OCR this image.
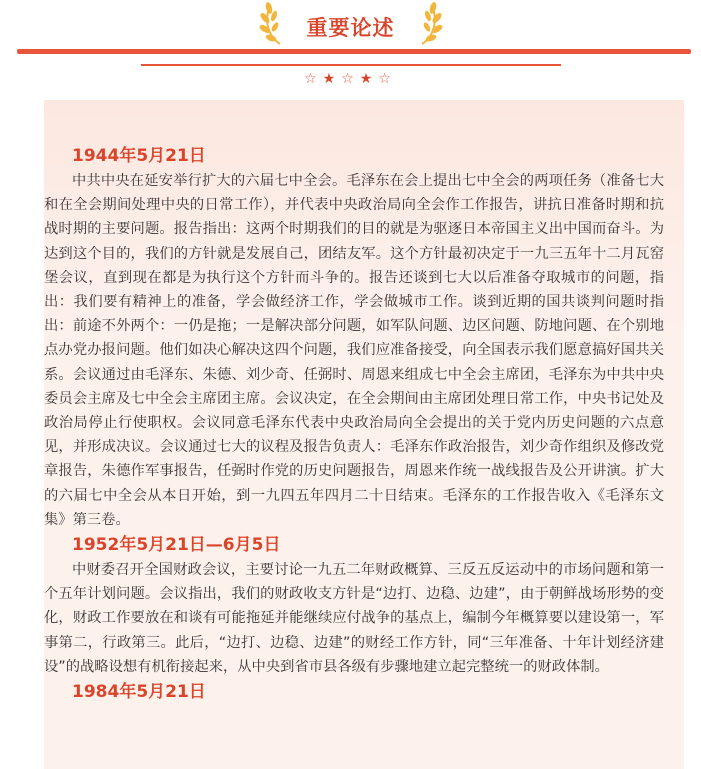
重要论述
☆★☆★☆
1944年5月21日

中共中央在延安举行扩大的六届七中全会。毛泽东在会上提出七中全会的两项任务（准备七大和在全会期间处理中央的日常工作），并代表中央政治局向全会作工作报告，讲抗日准备时期和抗战时期的主要问题。报告指出：这两个时期我们的目的就是为驱逐日本帝国主义出中国而奋斗。为达到这个目的，我们的方针就是发展自己，团结友军。这个方针最初决定于一九三五年十二月瓦窑堡会议，直到现在都是为执行这个方针而斗争的。报告还谈到七大以后准备夺取城市的问题，指出：我们要有精神上的准备，学会做经济工作，学会做城市工作。谈到近期的国共谈判问题时指出：前途不外两个：一仍是拖；一是解决部分问题，如军队问题、边区问题、防地问题、在个别地点办党办报问题。他们如决心解决这四个问题，我们应准备接受，向全国表示我们愿意搞好国共关系。会议通过由毛泽东、朱德、刘少奇、任弼时、周恩来组成七中全会主席团，毛泽东为中共中央委员会主席及七中全会主席团主席。会议决定，在全会期间由主席团处理日常工作，中央书记处及政治局停止行使职权。会议同意毛泽东代表中央政治局向全会提出的关于党内历史问题的六点意见，并形成决议。会议通过七大的议程及报告负责人：毛泽东作政治报告，刘少奇作组织及修改党章报告，朱德作军事报告，任弼时作党的历史问题报告，周恩来作统一战线报告及公开讲演。扩大的六届七中全会从本日开始，到一九四五年四月二十日结束。毛泽东的工作报告收入《毛泽东文集》第三卷。

1952年5月21日—6月5日

中财委召开全国财政会议，主要讨论一九五二年财政概算、三反五反运动中的市场问题和第一个五年计划问题。会议指出，我们的财政收支方针是“边打、边稳、边建”，由于朝鲜战场形势的变化，财政工作要放在和谈有可能拖延并能继续应付战争的基点上，编制今年概算要以建设第一，军事第二，行政第三。此后，“边打、边稳、边建”的财经工作方针，同“三年准备、十年计划经济建设”的战略设想有机衔接起来，从中央到省市县各级有步骤地建立起完整统一的财政体制。

1984年5月21日
